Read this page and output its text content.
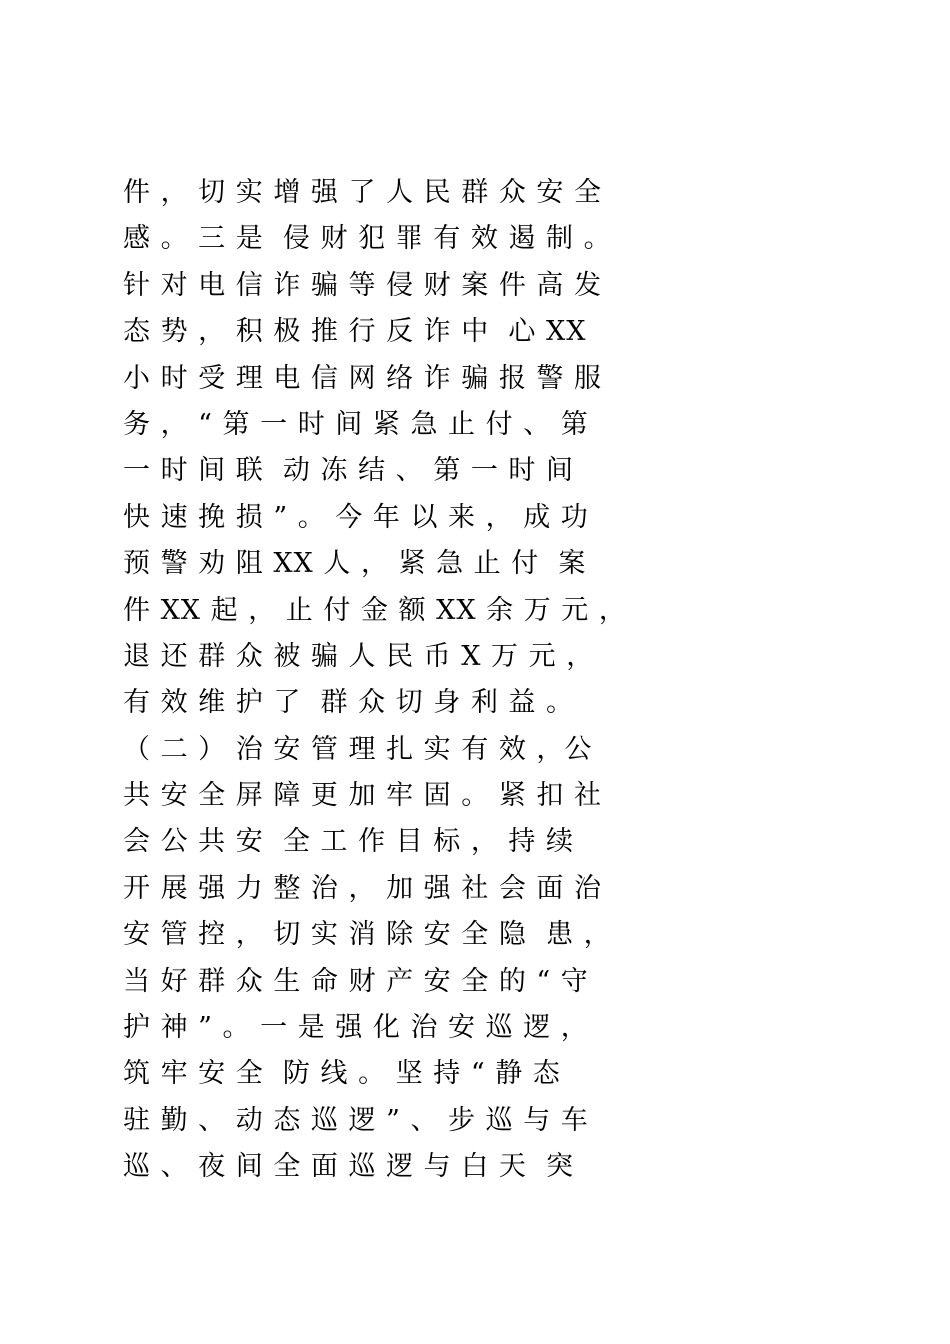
件 ， 切 实 增 强 了 人 民 群 众 安 全
感 。 三 是  侵 财 犯 罪 有 效 遏 制 。
针 对 电 信 诈 骗 等 侵 财 案 件 高 发
态 势 ， 积 极 推 行 反 诈 中  心 XX
小 时 受 理 电 信 网 络 诈 骗 报 警 服
务 ， “ 第 一 时 间 紧 急 止 付 、 第
一 时 间 联  动 冻 结 、 第 一 时 间
快 速 挽 损 ” 。 今 年 以 来 ， 成 功
预 警 劝 阻 XX 人 ， 紧 急 止 付  案
件 XX 起 ， 止 付 金 额 XX 余 万 元 ，
退 还 群 众 被 骗 人 民 币 X 万 元 ，
有 效 维 护 了  群 众 切 身 利 益 。
（ 二 ） 治 安 管 理 扎 实 有 效 ，公
共 安 全 屏 障 更 加 牢 固 。 紧 扣 社
会 公 共 安  全 工 作 目 标 ， 持 续
开 展 强 力 整 治 ， 加 强 社 会 面 治
安 管 控 ， 切 实 消 除 安 全 隐  患 ，
当 好 群 众 生 命 财 产 安 全 的 “ 守
护 神 ” 。 一 是 强 化 治 安 巡 逻 ，
筑 牢 安 全  防 线 。 坚 持 “ 静 态
驻 勤 、 动 态 巡 逻 ” 、 步 巡 与 车
巡 、 夜 间 全 面 巡 逻 与 白 天  突
